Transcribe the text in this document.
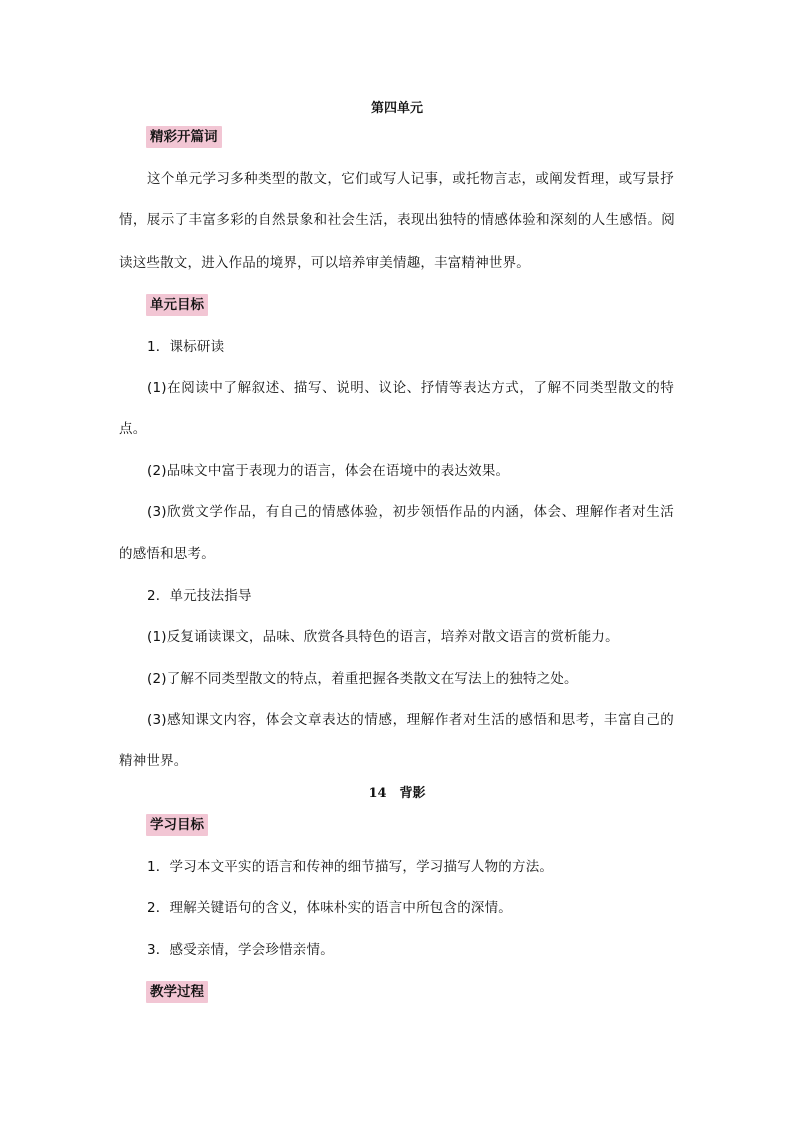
第四单元
精彩开篇词
这个单元学习多种类型的散文，它们或写人记事，或托物言志，或阐发哲理，或写景抒
情，展示了丰富多彩的自然景象和社会生活，表现出独特的情感体验和深刻的人生感悟。阅
读这些散文，进入作品的境界，可以培养审美情趣，丰富精神世界。
单元目标
1．课标研读
(1)在阅读中了解叙述、描写、说明、议论、抒情等表达方式，了解不同类型散文的特
点。
(2)品味文中富于表现力的语言，体会在语境中的表达效果。
(3)欣赏文学作品，有自己的情感体验，初步领悟作品的内涵，体会、理解作者对生活
的感悟和思考。
2．单元技法指导
(1)反复诵读课文，品味、欣赏各具特色的语言，培养对散文语言的赏析能力。
(2)了解不同类型散文的特点，着重把握各类散文在写法上的独特之处。
(3)感知课文内容，体会文章表达的情感，理解作者对生活的感悟和思考，丰富自己的
精神世界。
14　背影
学习目标
1．学习本文平实的语言和传神的细节描写，学习描写人物的方法。
2．理解关键语句的含义，体味朴实的语言中所包含的深情。
3．感受亲情，学会珍惜亲情。
教学过程
